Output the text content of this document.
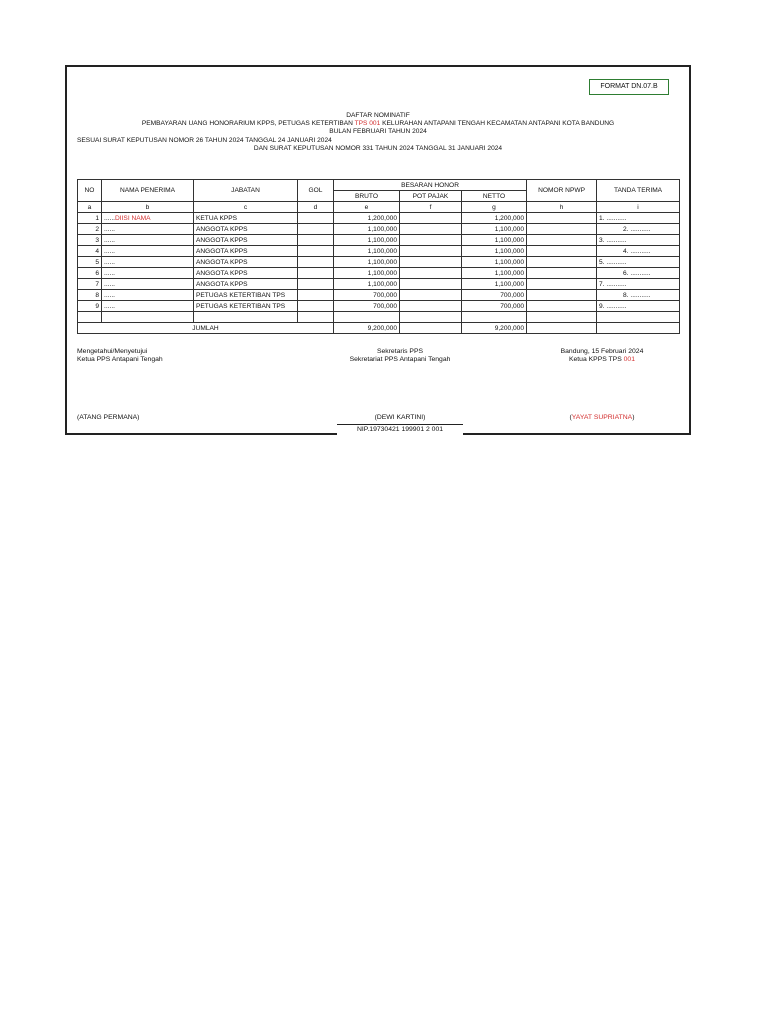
FORMAT DN.07.B
DAFTAR NOMINATIF
PEMBAYARAN UANG HONORARIUM KPPS, PETUGAS KETERTIBAN TPS 001 KELURAHAN ANTAPANI TENGAH KECAMATAN ANTAPANI KOTA BANDUNG
BULAN FEBRUARI TAHUN 2024
SESUAI SURAT KEPUTUSAN NOMOR 26 TAHUN 2024 TANGGAL 24 JANUARI 2024
DAN SURAT KEPUTUSAN NOMOR 331 TAHUN 2024 TANGGAL 31 JANUARI 2024
NO	NAMA PENERIMA	JABATAN	GOL	BESARAN HONOR			NOMOR NPWP	TANDA TERIMA
				BRUTO	POT PAJAK	NETTO		
a	b	c	d	e	f	g	h	i
1	......DIISI NAMA	KETUA KPPS		1,200,000		1,200,000		1. ...........
2	......	ANGGOTA KPPS		1,100,000		1,100,000		2. ...........
3	......	ANGGOTA KPPS		1,100,000		1,100,000		3. ...........
4	......	ANGGOTA KPPS		1,100,000		1,100,000		4. ...........
5	......	ANGGOTA KPPS		1,100,000		1,100,000		5. ...........
6	......	ANGGOTA KPPS		1,100,000		1,100,000		6. ...........
7	......	ANGGOTA KPPS		1,100,000		1,100,000		7. ...........
8	......	PETUGAS KETERTIBAN TPS		700,000		700,000		8. ...........
9	......	PETUGAS KETERTIBAN TPS		700,000		700,000		9. ...........

JUMLAH				9,200,000		9,200,000		
Mengetahui/Menyetujui
Ketua PPS Antapani Tengah
(ATANG PERMANA)
Sekretaris PPS
Sekretariat PPS Antapani Tengah
(DEWI KARTINI)
NIP.19730421 199901 2 001
Bandung, 15 Februari 2024
Ketua KPPS TPS 001
(YAYAT SUPRIATNA)
